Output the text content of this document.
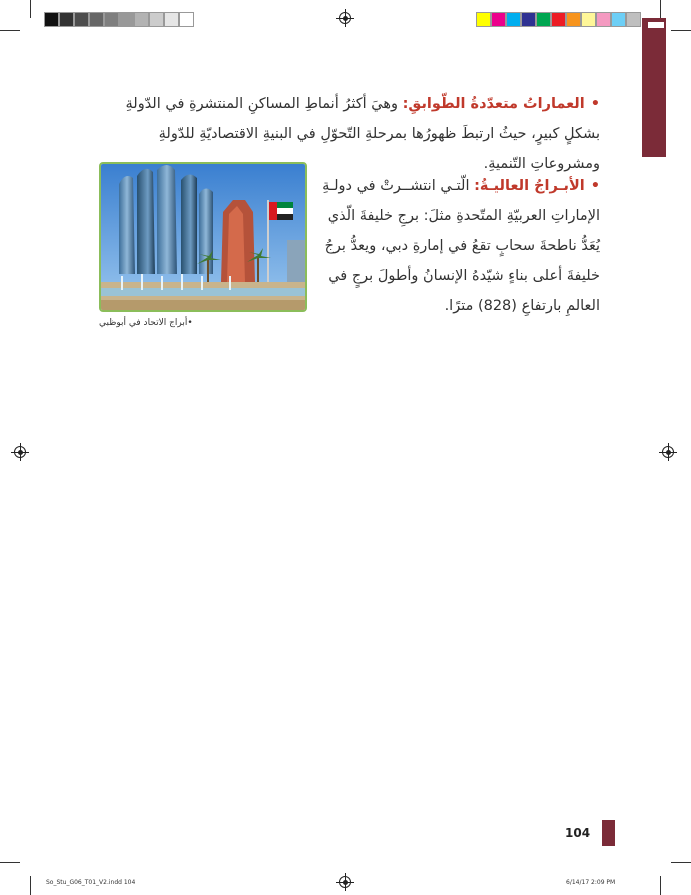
•العماراتُ متعدّدةُ الطّوابقِ: وهيَ أكثرُ أنماطِ المساكنِ المنتشرةِ في الدّولةِ بشكلٍ كبيرٍ، حيثُ ارتبطَ ظهورُها بمرحلةِ التّحوّلِ في البنيةِ الاقتصاديّةِ للدّولةِ ومشروعاتِ التّنميةِ.
•الأبـراجُ العاليـةُ: الّتـي انتشــرتْ في دولـةِ الإماراتِ العربيّةِ المتّحدةِ مثلَ: برجِ خليفةَ الّذي يُعَدُّ ناطحةَ سحابٍ تقعُ في إمارةِ دبي، ويعدُّ برجُ خليفةَ أعلى بناءٍ شيّدهُ الإنسانُ وأطولَ برجٍ في العالمِ بارتفاعِ (828) مترًا.
•أبراج الاتحاد في أبوظبي
104
So_Stu_G06_T01_V2.indd 104	6/14/17 2:09 PM
